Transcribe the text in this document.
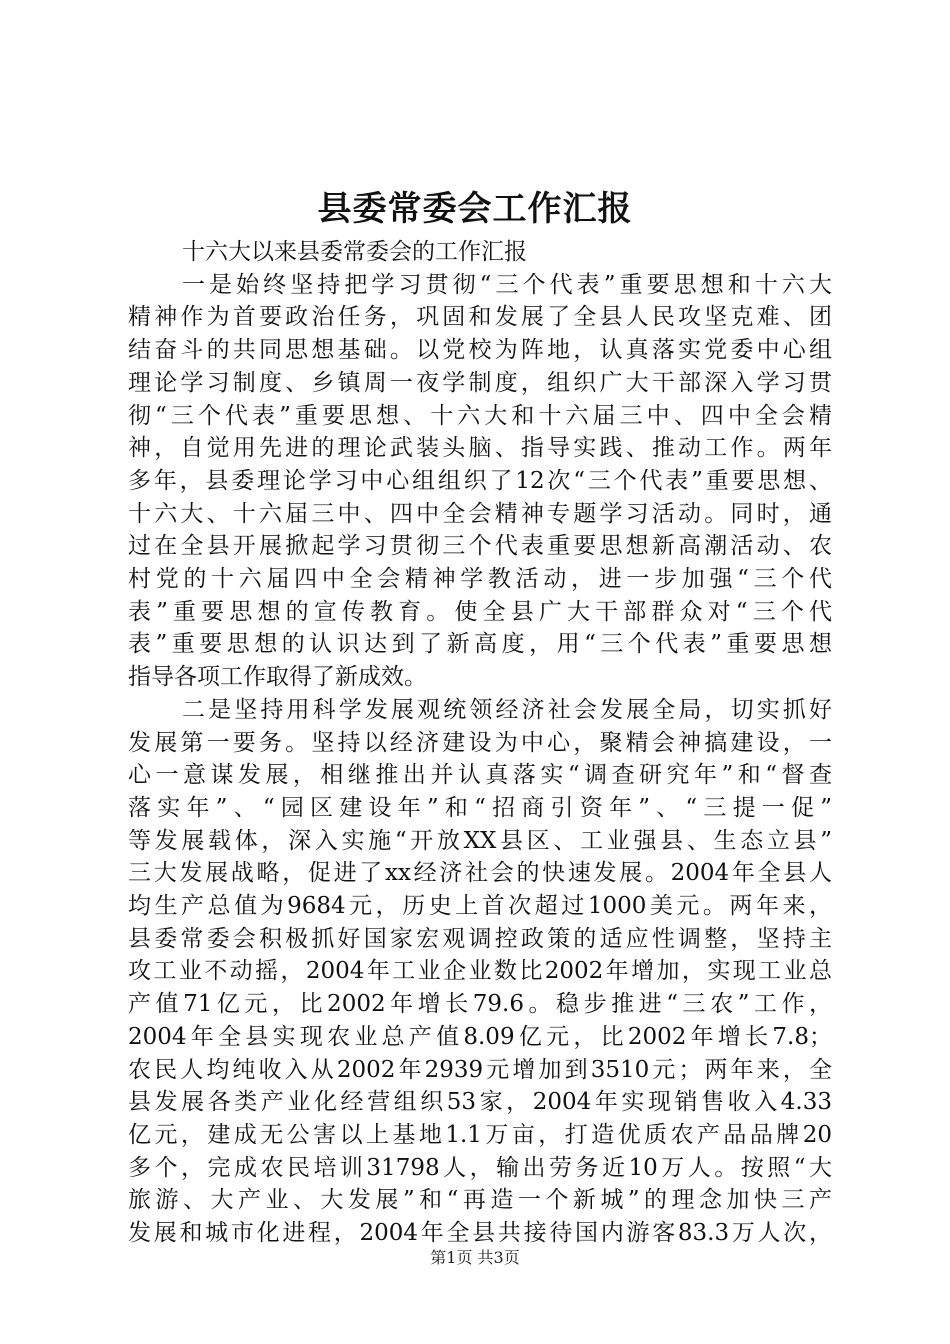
县委常委会工作汇报
十六大以来县委常委会的工作汇报
一是始终坚持把学习贯彻“三个代表”重要思想和十六大
精神作为首要政治任务，巩固和发展了全县人民攻坚克难、团
结奋斗的共同思想基础。以党校为阵地，认真落实党委中心组
理论学习制度、乡镇周一夜学制度，组织广大干部深入学习贯
彻“三个代表”重要思想、十六大和十六届三中、四中全会精
神，自觉用先进的理论武装头脑、指导实践、推动工作。两年
多年，县委理论学习中心组组织了12次“三个代表”重要思想、
十六大、十六届三中、四中全会精神专题学习活动。同时，通
过在全县开展掀起学习贯彻三个代表重要思想新高潮活动、农
村党的十六届四中全会精神学教活动，进一步加强“三个代
表”重要思想的宣传教育。使全县广大干部群众对“三个代
表”重要思想的认识达到了新高度，用“三个代表”重要思想
指导各项工作取得了新成效。
二是坚持用科学发展观统领经济社会发展全局，切实抓好
发展第一要务。坚持以经济建设为中心，聚精会神搞建设，一
心一意谋发展，相继推出并认真落实“调查研究年”和“督查
落实年”、“园区建设年”和“招商引资年”、“三提一促”
等发展载体，深入实施“开放XX县区、工业强县、生态立县”
三大发展战略，促进了xx经济社会的快速发展。2004年全县人
均生产总值为9684元，历史上首次超过1000美元。两年来，
县委常委会积极抓好国家宏观调控政策的适应性调整，坚持主
攻工业不动摇，2004年工业企业数比2002年增加，实现工业总
产值71亿元，比2002年增长79.6。稳步推进“三农”工作，
2004年全县实现农业总产值8.09亿元，比2002年增长7.8；
农民人均纯收入从2002年2939元增加到3510元；两年来，全
县发展各类产业化经营组织53家，2004年实现销售收入4.33
亿元，建成无公害以上基地1.1万亩，打造优质农产品品牌20
多个，完成农民培训31798人，输出劳务近10万人。按照“大
旅游、大产业、大发展”和“再造一个新城”的理念加快三产
发展和城市化进程，2004年全县共接待国内游客83.3万人次，
第1页 共3页
